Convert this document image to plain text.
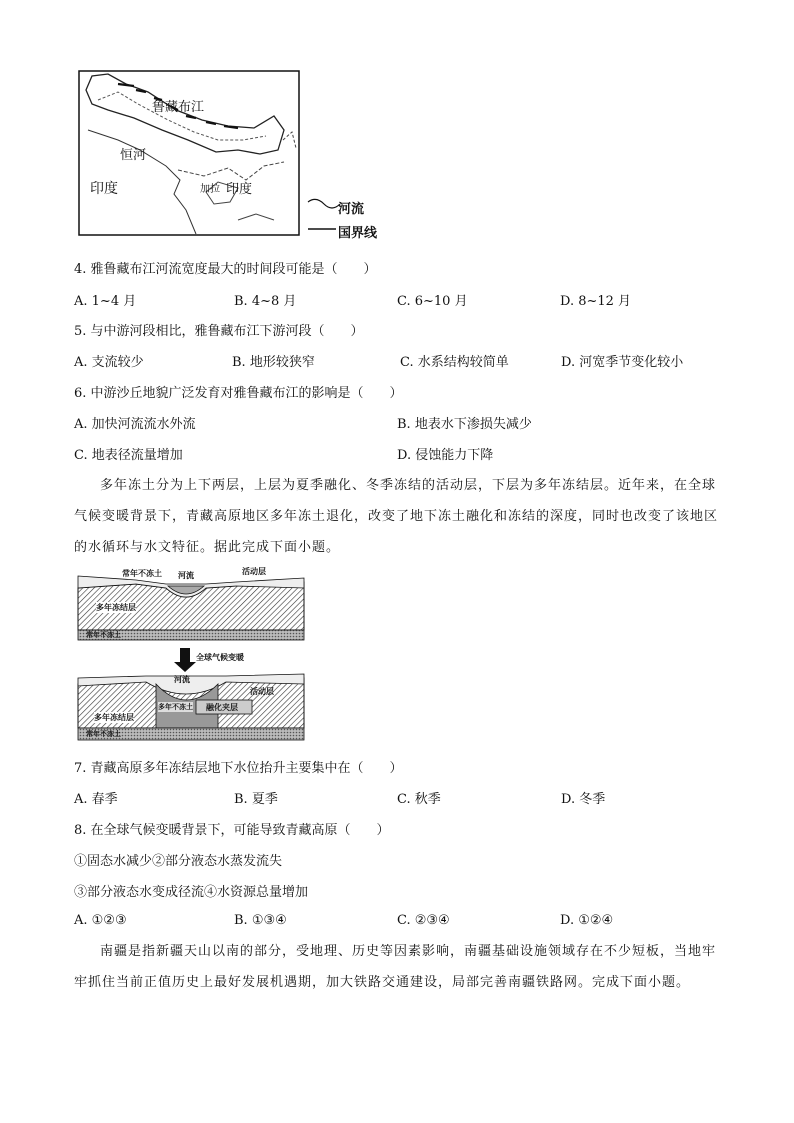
鲁藏布江
恒河
印度	加拉 印度
河流
国界线
4. 雅鲁藏布江河流宽度最大的时间段可能是（　　）
A. 1~4 月	B. 4~8 月	C. 6~10 月	D. 8~12 月
5. 与中游河段相比，雅鲁藏布江下游河段（　　）
A. 支流较少	B. 地形较狭窄	C. 水系结构较简单	D. 河宽季节变化较小
6. 中游沙丘地貌广泛发育对雅鲁藏布江的影响是（　　）
A. 加快河流流水外流	B. 地表水下渗损失减少
C. 地表径流量增加	D. 侵蚀能力下降
多年冻土分为上下两层，上层为夏季融化、冬季冻结的活动层，下层为多年冻结层。近年来，在全球气候变暖背景下，青藏高原地区多年冻土退化，改变了地下冻土融化和冻结的深度，同时也改变了该地区的水循环与水文特征。据此完成下面小题。
常年不冻土 河流	活动层
多年冻结层
常年不冻土
全球气候变暖
河流
活动层
多年不冻土 融化夹层
多年冻结层
常年不冻土
7. 青藏高原多年冻结层地下水位抬升主要集中在（　　）
A. 春季	B. 夏季	C. 秋季	D. 冬季
8. 在全球气候变暖背景下，可能导致青藏高原（　　）
①固态水减少②部分液态水蒸发流失
③部分液态水变成径流④水资源总量增加
A. ①②③	B. ①③④	C. ②③④	D. ①②④
南疆是指新疆天山以南的部分，受地理、历史等因素影响，南疆基础设施领域存在不少短板，当地牢牢抓住当前正值历史上最好发展机遇期，加大铁路交通建设，局部完善南疆铁路网。完成下面小题。
